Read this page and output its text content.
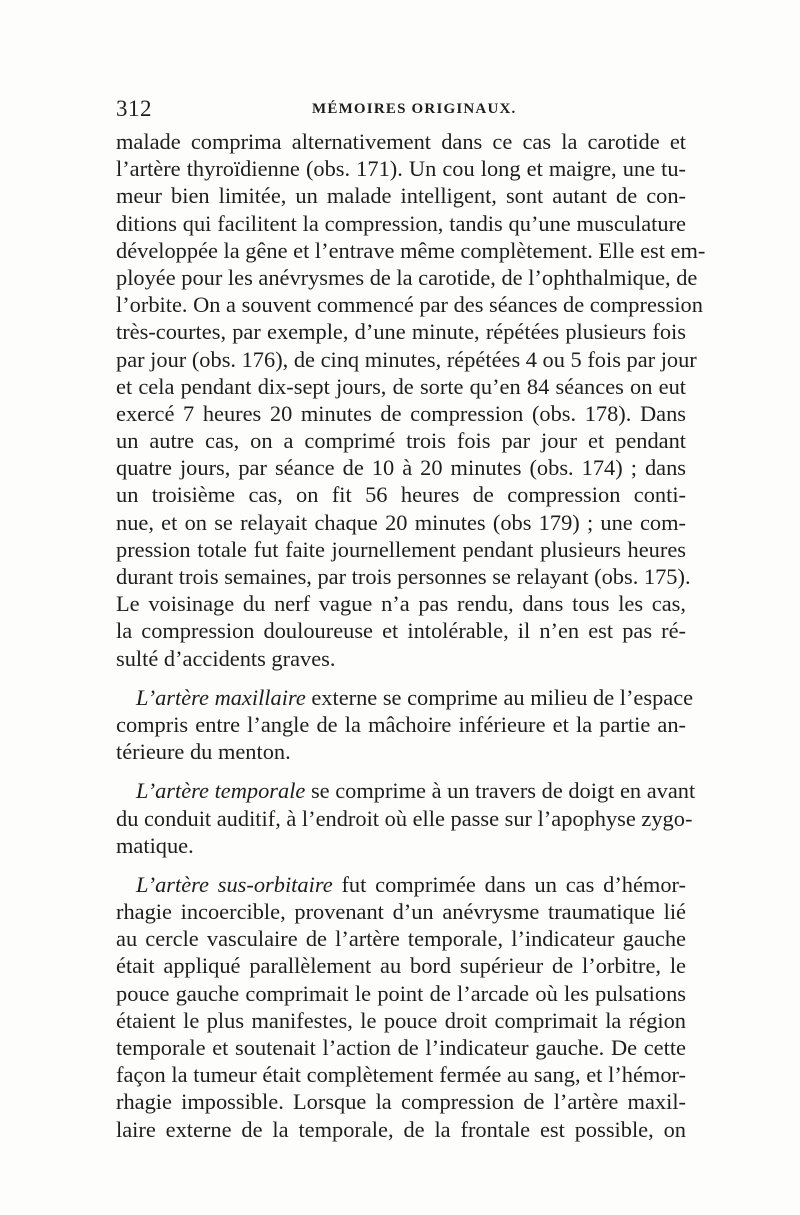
312	MÉMOIRES ORIGINAUX.
malade comprima alternativement dans ce cas la carotide et
l’artère thyroïdienne (obs. 171). Un cou long et maigre, une tu-
meur bien limitée, un malade intelligent, sont autant de con-
ditions qui facilitent la compression, tandis qu’une musculature
développée la gêne et l’entrave même complètement. Elle est em-
ployée pour les anévrysmes de la carotide, de l’ophthalmique, de
l’orbite. On a souvent commencé par des séances de compression
très-courtes, par exemple, d’une minute, répétées plusieurs fois
par jour (obs. 176), de cinq minutes, répétées 4 ou 5 fois par jour
et cela pendant dix-sept jours, de sorte qu’en 84 séances on eut
exercé 7 heures 20 minutes de compression (obs. 178). Dans
un autre cas, on a comprimé trois fois par jour et pendant
quatre jours, par séance de 10 à 20 minutes (obs. 174) ; dans
un troisième cas, on fit 56 heures de compression conti-
nue, et on se relayait chaque 20 minutes (obs 179) ; une com-
pression totale fut faite journellement pendant plusieurs heures
durant trois semaines, par trois personnes se relayant (obs. 175).
Le voisinage du nerf vague n’a pas rendu, dans tous les cas,
la compression douloureuse et intolérable, il n’en est pas ré-
sulté d’accidents graves.
L’artère maxillaire externe se comprime au milieu de l’espace
compris entre l’angle de la mâchoire inférieure et la partie an-
térieure du menton.
L’artère temporale se comprime à un travers de doigt en avant
du conduit auditif, à l’endroit où elle passe sur l’apophyse zygo-
matique.
L’artère sus-orbitaire fut comprimée dans un cas d’hémor-
rhagie incoercible, provenant d’un anévrysme traumatique lié
au cercle vasculaire de l’artère temporale, l’indicateur gauche
était appliqué parallèlement au bord supérieur de l’orbitre, le
pouce gauche comprimait le point de l’arcade où les pulsations
étaient le plus manifestes, le pouce droit comprimait la région
temporale et soutenait l’action de l’indicateur gauche. De cette
façon la tumeur était complètement fermée au sang, et l’hémor-
rhagie impossible. Lorsque la compression de l’artère maxil-
laire externe de la temporale, de la frontale est possible, on
